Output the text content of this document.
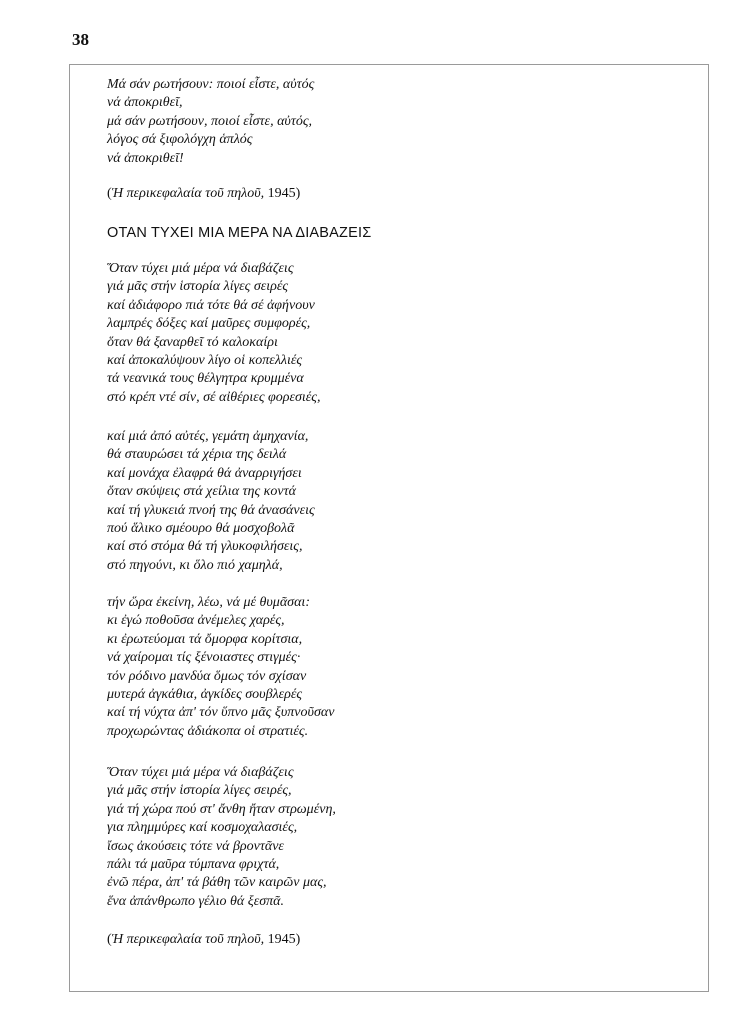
38
Μά σάν ρωτήσουν: ποιοί εἶστε, αὐτός
νά ἀποκριθεῖ,
μά σάν ρωτήσουν, ποιοί εἶστε, αὐτός,
λόγος σά ξιφολόγχη ἁπλός
νά ἀποκριθεῖ!
(Ἡ περικεφαλαία τοῦ πηλοῦ, 1945)
ΟΤΑΝ ΤΥΧΕΙ ΜΙΑ ΜΕΡΑ ΝΑ ΔΙΑΒΑΖΕΙΣ
Ὅταν τύχει μιά μέρα νά διαβάζεις
γιά μᾶς στήν ἱστορία λίγες σειρές
καί ἀδιάφορο πιά τότε θά σέ ἀφήνουν
λαμπρές δόξες καί μαῦρες συμφορές,
ὅταν θά ξαναρθεῖ τό καλοκαίρι
καί ἀποκαλύψουν λίγο οἱ κοπελλιές
τά νεανικά τους θέλγητρα κρυμμένα
στό κρέπ ντέ σίν, σέ αἰθέριες φορεσιές,
καί μιά ἀπό αὐτές, γεμάτη ἀμηχανία,
θά σταυρώσει τά χέρια της δειλά
καί μονάχα ἐλαφρά θά ἀναρριγήσει
ὅταν σκύψεις στά χείλια της κοντά
καί τή γλυκειά πνοή της θά ἀνασάνεις
πού ἅλικο σμέουρο θά μοσχοβολᾶ
καί στό στόμα θά τή γλυκοφιλήσεις,
στό πηγούνι, κι ὅλο πιό χαμηλά,
τήν ὥρα ἐκείνη, λέω, νά μέ θυμᾶσαι:
κι ἐγώ ποθοῦσα ἀνέμελες χαρές,
κι ἐρωτεύομαι τά ὄμορφα κορίτσια,
νά χαίρομαι τίς ξένοιαστες στιγμές·
τόν ρόδινο μανδύα ὅμως τόν σχίσαν
μυτερά ἀγκάθια, ἀγκίδες σουβλερές
καί τή νύχτα ἀπ' τόν ὕπνο μᾶς ξυπνοῦσαν
προχωρώντας ἀδιάκοπα οἱ στρατιές.
Ὅταν τύχει μιά μέρα νά διαβάζεις
γιά μᾶς στήν ἱστορία λίγες σειρές,
γιά τή χώρα πού στ' ἄνθη ἤταν στρωμένη,
για πλημμύρες καί κοσμοχαλασιές,
ἴσως ἀκούσεις τότε νά βροντᾶνε
πάλι τά μαῦρα τύμπανα φριχτά,
ἐνῶ πέρα, ἀπ' τά βάθη τῶν καιρῶν μας,
ἕνα ἀπάνθρωπο γέλιο θά ξεσπᾶ.
(Ἡ περικεφαλαία τοῦ πηλοῦ, 1945)
